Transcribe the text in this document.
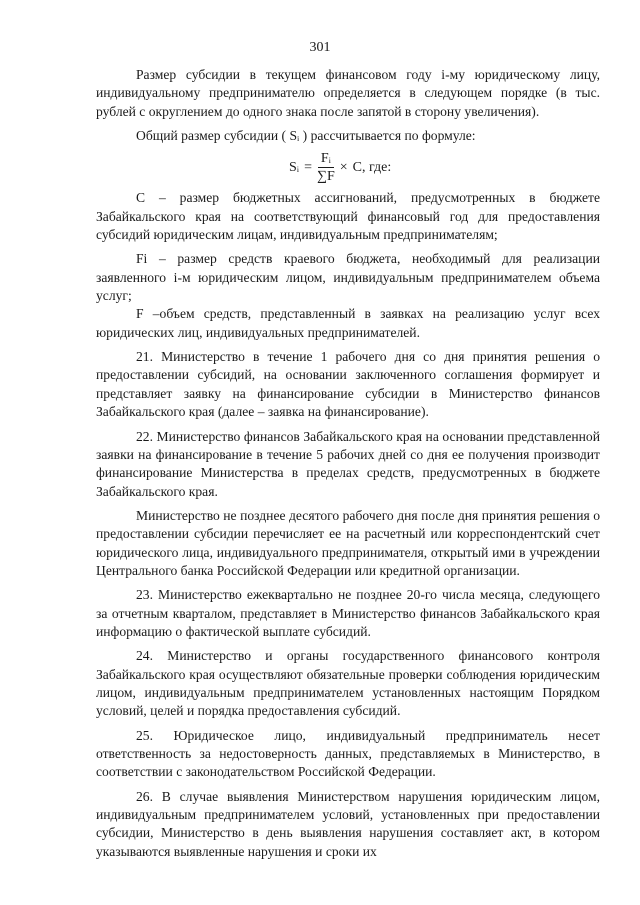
301

Размер субсидии в текущем финансовом году i-му юридическому лицу, индивидуальному предпринимателю определяется в следующем порядке (в тыс. рублей с округлением до одного знака после запятой в сторону увеличения).

Общий размер субсидии ( Sᵢ ) рассчитывается по формуле:

Sᵢ = $\frac{\text{Fᵢ}}{\sum F} \times С$, где:

С – размер бюджетных ассигнований, предусмотренных в бюджете Забайкальского края на соответствующий финансовый год для предоставления субсидий юридическим лицам, индивидуальным предпринимателям;

Fi – размер средств краевого бюджета, необходимый для реализации заявленного i-м юридическим лицом, индивидуальным предпринимателем объема услуг;

F –объем средств, представленный в заявках на реализацию услуг всех юридических лиц, индивидуальных предпринимателей.

21. Министерство в течение 1 рабочего дня со дня принятия решения о предоставлении субсидий, на основании заключенного соглашения формирует и представляет заявку на финансирование субсидии в Министерство финансов Забайкальского края (далее – заявка на финансирование).

22. Министерство финансов Забайкальского края на основании представленной заявки на финансирование в течение 5 рабочих дней со дня ее получения производит финансирование Министерства в пределах средств, предусмотренных в бюджете Забайкальского края.

Министерство не позднее десятого рабочего дня после дня принятия решения о предоставлении субсидии перечисляет ее на расчетный или корреспондентский счет юридического лица, индивидуального предпринимателя, открытый ими в учреждении Центрального банка Российской Федерации или кредитной организации.

23. Министерство ежеквартально не позднее 20-го числа месяца, следующего за отчетным кварталом, представляет в Министерство финансов Забайкальского края информацию о фактической выплате субсидий.

24. Министерство и органы государственного финансового контроля Забайкальского края осуществляют обязательные проверки соблюдения юридическим лицом, индивидуальным предпринимателем установленных настоящим Порядком условий, целей и порядка предоставления субсидий.

25. Юридическое лицо, индивидуальный предприниматель несет ответственность за недостоверность данных, представляемых в Министерство, в соответствии с законодательством Российской Федерации.

26. В случае выявления Министерством нарушения юридическим лицом, индивидуальным предпринимателем условий, установленных при предоставлении субсидии, Министерство в день выявления нарушения составляет акт, в котором указываются выявленные нарушения и сроки их
